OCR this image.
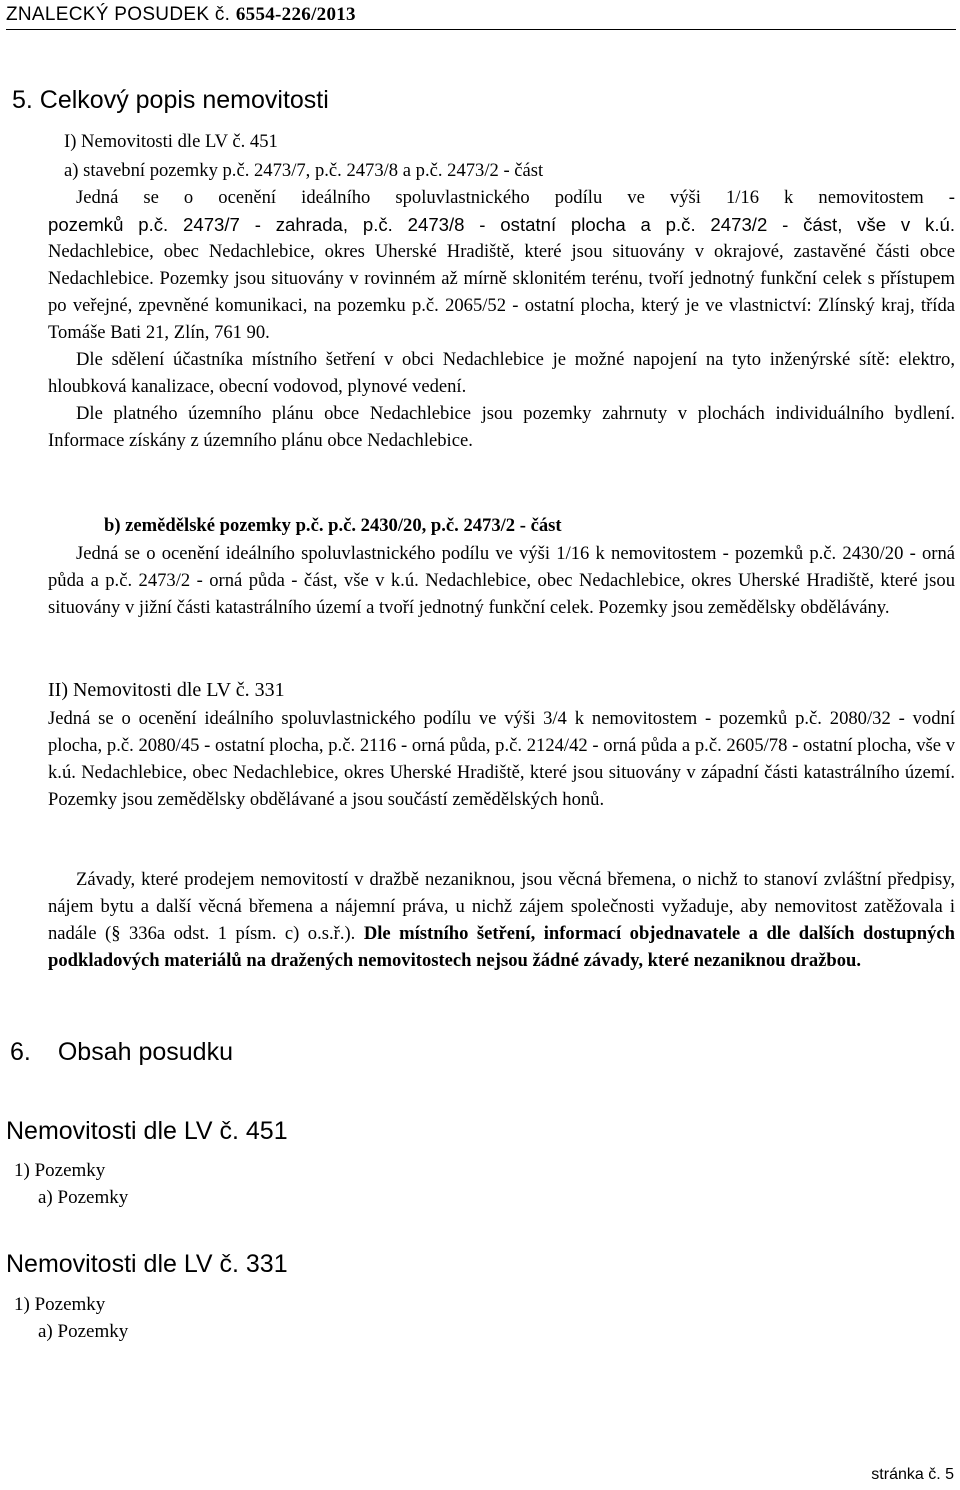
ZNALECKÝ POSUDEK č. 6554-226/2013
5. Celkový popis nemovitosti

I) Nemovitosti dle LV č. 451

a) stavební pozemky p.č. 2473/7, p.č. 2473/8 a p.č. 2473/2 - část

Jedná se o ocenění ideálního spoluvlastnického podílu ve výši 1/16 k nemovitostem -

pozemků p.č. 2473/7 - zahrada, p.č. 2473/8 - ostatní plocha a p.č. 2473/2 - část, vše v k.ú.

Nedachlebice, obec Nedachlebice, okres Uherské Hradiště, které jsou situovány v okrajové, zastavěné části obce Nedachlebice. Pozemky jsou situovány v rovinném až mírně sklonitém terénu, tvoří jednotný funkční celek s přístupem po veřejné, zpevněné komunikaci, na pozemku p.č. 2065/52 - ostatní plocha, který je ve vlastnictví: Zlínský kraj, třída Tomáše Bati 21, Zlín, 761 90.

Dle sdělení účastníka místního šetření v obci Nedachlebice je možné napojení na tyto inženýrské sítě: elektro, hloubková kanalizace, obecní vodovod, plynové vedení.

Dle platného územního plánu obce Nedachlebice jsou pozemky zahrnuty v plochách individuálního bydlení. Informace získány z územního plánu obce Nedachlebice.

b) zemědělské pozemky p.č. p.č. 2430/20, p.č. 2473/2 - část

Jedná se o ocenění ideálního spoluvlastnického podílu ve výši 1/16 k nemovitostem - pozemků p.č. 2430/20 - orná půda a p.č. 2473/2 - orná půda - část, vše v k.ú. Nedachlebice, obec Nedachlebice, okres Uherské Hradiště, které jsou situovány v jižní části katastrálního území a tvoří jednotný funkční celek. Pozemky jsou zemědělsky obdělávány.

II) Nemovitosti dle LV č. 331

Jedná se o ocenění ideálního spoluvlastnického podílu ve výši 3/4 k nemovitostem - pozemků p.č. 2080/32 - vodní plocha, p.č. 2080/45 - ostatní plocha, p.č. 2116 - orná půda, p.č. 2124/42 - orná půda a p.č. 2605/78 - ostatní plocha, vše v k.ú. Nedachlebice, obec Nedachlebice, okres Uherské Hradiště, které jsou situovány v západní části katastrálního území. Pozemky jsou zemědělsky obdělávané a jsou součástí zemědělských honů.

Závady, které prodejem nemovitostí v dražbě nezaniknou, jsou věcná břemena, o nichž to stanoví zvláštní předpisy, nájem bytu a další věcná břemena a nájemní práva, u nichž zájem společnosti vyžaduje, aby nemovitost zatěžovala i nadále (§ 336a odst. 1 písm. c) o.s.ř.). Dle místního šetření, informací objednavatele a dle dalších dostupných podkladových materiálů na dražených nemovitostech nejsou žádné závady, které nezaniknou dražbou.

6. Obsah posudku
Nemovitosti dle LV č. 451
1) Pozemky
a) Pozemky
Nemovitosti dle LV č. 331
1) Pozemky
a) Pozemky
stránka č. 5
